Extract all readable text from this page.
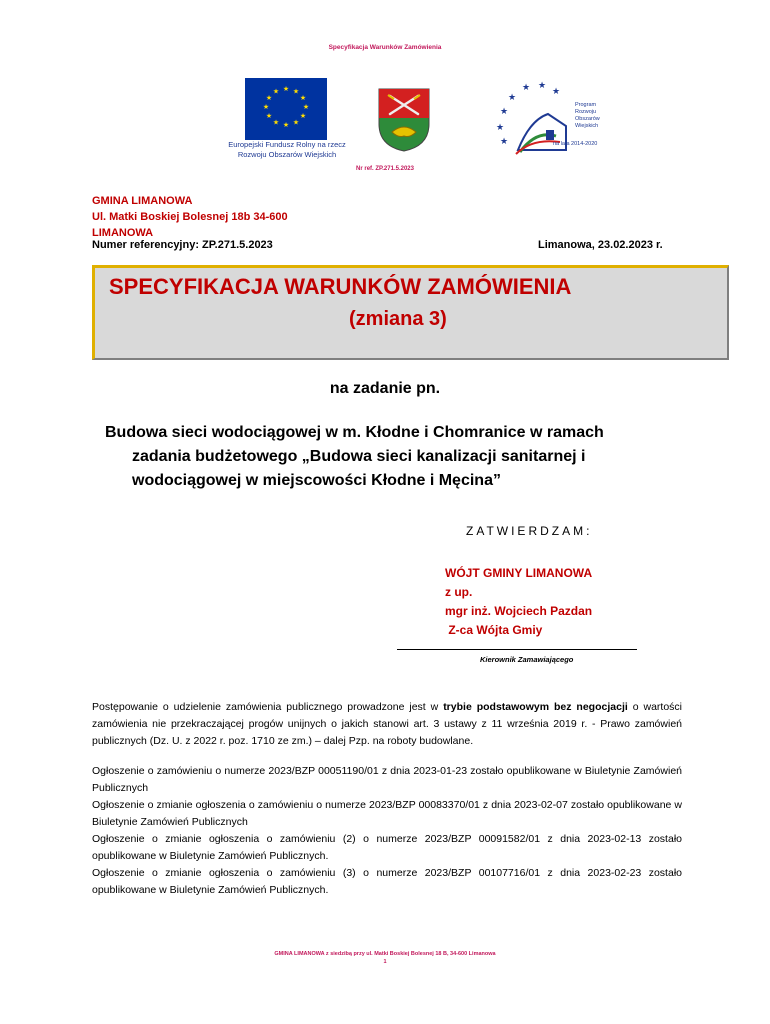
Specyfikacja Warunków Zamówienia
★ ★
★
★
★
★
★
★
★
★
★
★
Europejski Fundusz Rolny na rzecz
Rozwoju Obszarów Wiejskich
★
★
★ ★
★
★
★
Program
Rozwoju
Obszarów
Wiejskich
na lata 2014-2020
Nr ref. ZP.271.5.2023
GMINA LIMANOWA
Ul. Matki Boskiej Bolesnej 18b 34-600
LIMANOWA
Numer referencyjny: ZP.271.5.2023	Limanowa, 23.02.2023 r.
SPECYFIKACJA WARUNKÓW ZAMÓWIENIA
(zmiana 3)
na zadanie pn.
Budowa sieci wodociągowej w m. Kłodne i Chomranice w ramach
zadania budżetowego „Budowa sieci kanalizacji sanitarnej i
wodociągowej w miejscowości Kłodne i Męcina”
ZATWIERDZAM:
WÓJT GMINY LIMANOWA
z up.
mgr inż. Wojciech Pazdan
Z-ca Wójta Gmiy
Kierownik Zamawiającego
Postępowanie o udzielenie zamówienia publicznego prowadzone jest w trybie podstawowym bez negocjacji o wartości zamówienia nie przekraczającej progów unijnych o jakich stanowi art. 3 ustawy z 11 września 2019 r. - Prawo zamówień publicznych (Dz. U. z 2022 r. poz. 1710 ze zm.) – dalej Pzp. na roboty budowlane.
Ogłoszenie o zamówieniu o numerze 2023/BZP 00051190/01 z dnia 2023-01-23 zostało opublikowane w Biuletynie Zamówień Publicznych
Ogłoszenie o zmianie ogłoszenia o zamówieniu o numerze 2023/BZP 00083370/01 z dnia 2023-02-07 zostało opublikowane w Biuletynie Zamówień Publicznych
Ogłoszenie o zmianie ogłoszenia o zamówieniu (2) o numerze 2023/BZP 00091582/01 z dnia 2023-02-13 zostało opublikowane w Biuletynie Zamówień Publicznych.
Ogłoszenie o zmianie ogłoszenia o zamówieniu (3) o numerze 2023/BZP 00107716/01 z dnia 2023-02-23 zostało opublikowane w Biuletynie Zamówień Publicznych.
GMINA LIMANOWA z siedzibą przy ul. Matki Boskiej Bolesnej 18 B, 34-600 Limanowa
1
